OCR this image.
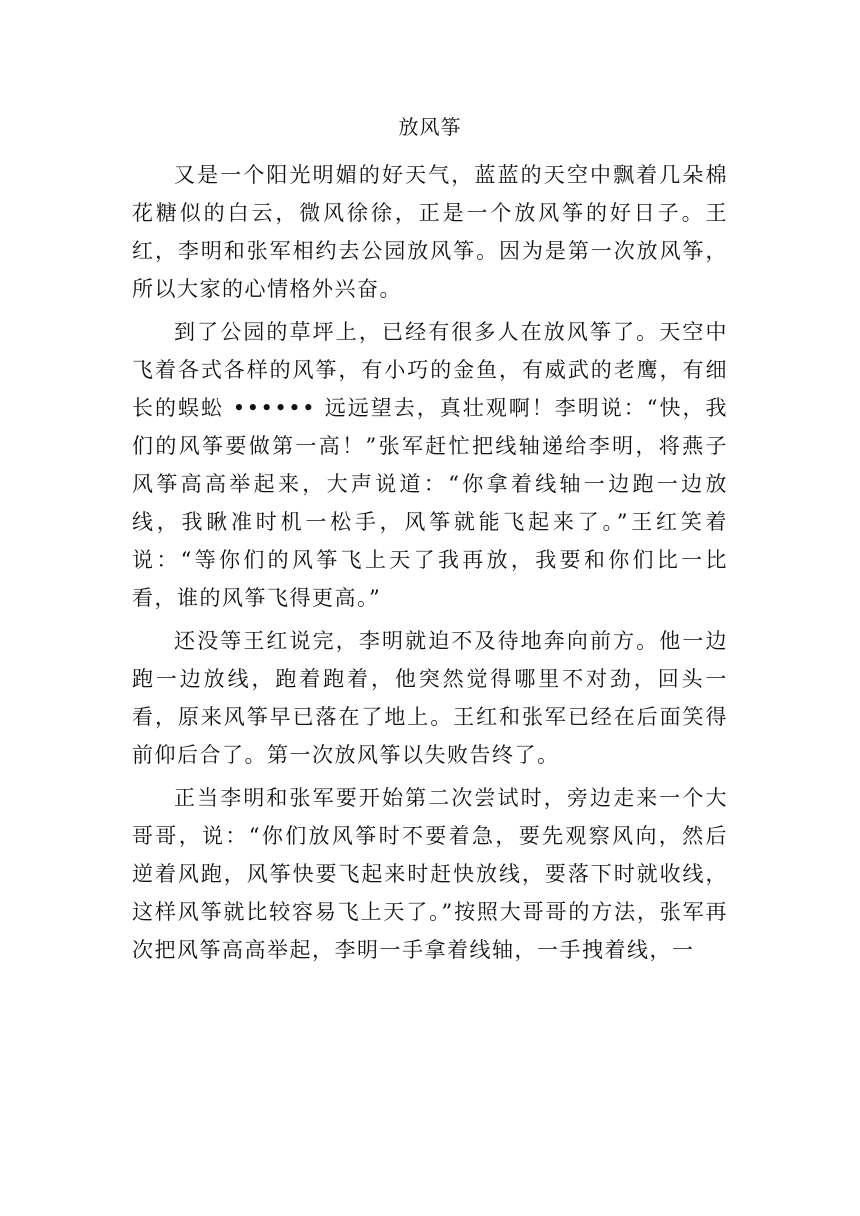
放风筝

又是一个阳光明媚的好天气，蓝蓝的天空中飘着几朵棉花糖似的白云，微风徐徐，正是一个放风筝的好日子。王红，李明和张军相约去公园放风筝。因为是第一次放风筝，所以大家的心情格外兴奋。

到了公园的草坪上，已经有很多人在放风筝了。天空中飞着各式各样的风筝，有小巧的金鱼，有威武的老鹰，有细长的蜈蚣 •••••• 远远望去，真壮观啊！李明说：“快，我们的风筝要做第一高！”张军赶忙把线轴递给李明，将燕子风筝高高举起来，大声说道：“你拿着线轴一边跑一边放线，我瞅准时机一松手，风筝就能飞起来了。”王红笑着说：“等你们的风筝飞上天了我再放，我要和你们比一比看，谁的风筝飞得更高。”

还没等王红说完，李明就迫不及待地奔向前方。他一边跑一边放线，跑着跑着，他突然觉得哪里不对劲，回头一看，原来风筝早已落在了地上。王红和张军已经在后面笑得前仰后合了。第一次放风筝以失败告终了。

正当李明和张军要开始第二次尝试时，旁边走来一个大哥哥，说：“你们放风筝时不要着急，要先观察风向，然后逆着风跑，风筝快要飞起来时赶快放线，要落下时就收线，这样风筝就比较容易飞上天了。”按照大哥哥的方法，张军再次把风筝高高举起，李明一手拿着线轴，一手拽着线，一
